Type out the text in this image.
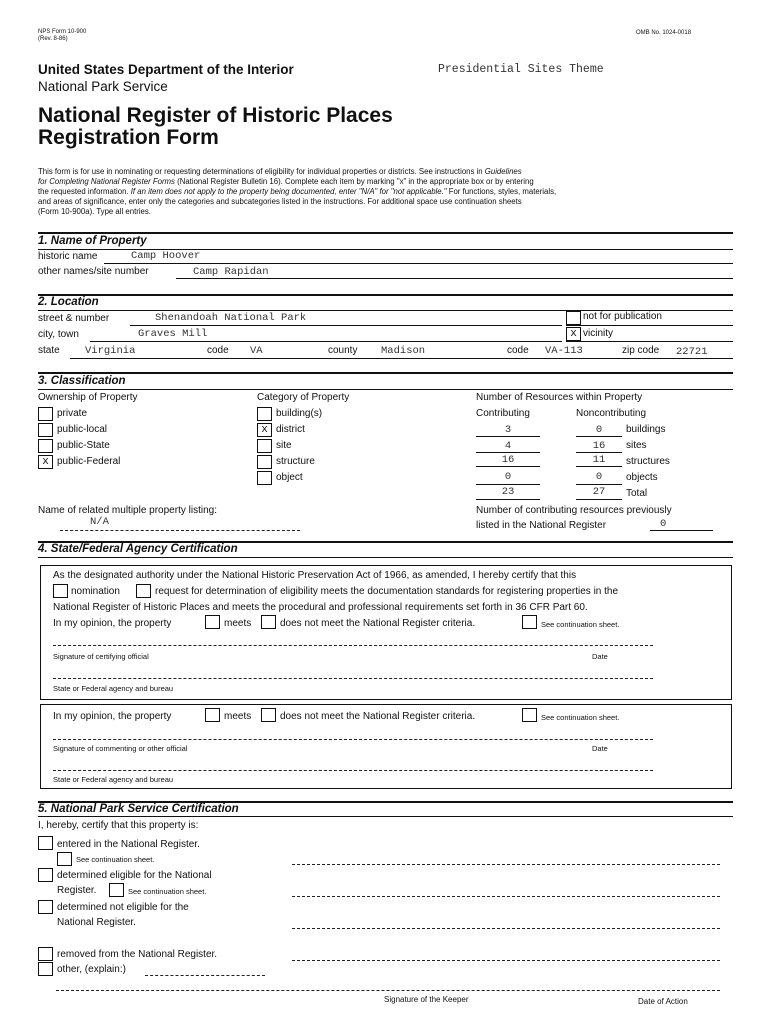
NPS Form 10-900
(Rev. 8-86)
OMB No. 1024-0018
United States Department of the Interior
National Park Service
Presidential Sites Theme
National Register of Historic Places
Registration Form
This form is for use in nominating or requesting determinations of eligibility for individual properties or districts. See instructions in Guidelines
for Completing National Register Forms (National Register Bulletin 16). Complete each item by marking "x" in the appropriate box or by entering
the requested information. If an item does not apply to the property being documented, enter "N/A" for "not applicable." For functions, styles, materials,
and areas of significance, enter only the categories and subcategories listed in the instructions. For additional space use continuation sheets
(Form 10-900a). Type all entries.
1. Name of Property
historic name	Camp Hoover
other names/site number	Camp Rapidan
2. Location
street & number	Shenandoah National Park	not for publication
city, town	Graves Mill	x vicinity
state Virginia	code VA	county Madison	code VA-113	zip code 22721
3. Classification
Ownership of Property
private
public-local
public-State
x public-Federal
Category of Property
building(s)
x district
site
structure
object
Number of Resources within Property
Contributing	Noncontributing
3	0	buildings
4	16	sites
16	11	structures
0	0	objects
23	27	Total
Name of related multiple property listing:
N/A
Number of contributing resources previously
listed in the National Register	0
4. State/Federal Agency Certification
As the designated authority under the National Historic Preservation Act of 1966, as amended, I hereby certify that this
nomination	request for determination of eligibility meets the documentation standards for registering properties in the
National Register of Historic Places and meets the procedural and professional requirements set forth in 36 CFR Part 60.
In my opinion, the property	meets	does not meet the National Register criteria.	See continuation sheet.
Signature of certifying official	Date
State or Federal agency and bureau
In my opinion, the property	meets	does not meet the National Register criteria.	See continuation sheet.
Signature of commenting or other official	Date
State or Federal agency and bureau
5. National Park Service Certification
I, hereby, certify that this property is:
entered in the National Register.
See continuation sheet.
determined eligible for the National
Register.	See continuation sheet.
determined not eligible for the
National Register.
removed from the National Register.
other, (explain:)
Signature of the Keeper	Date of Action
